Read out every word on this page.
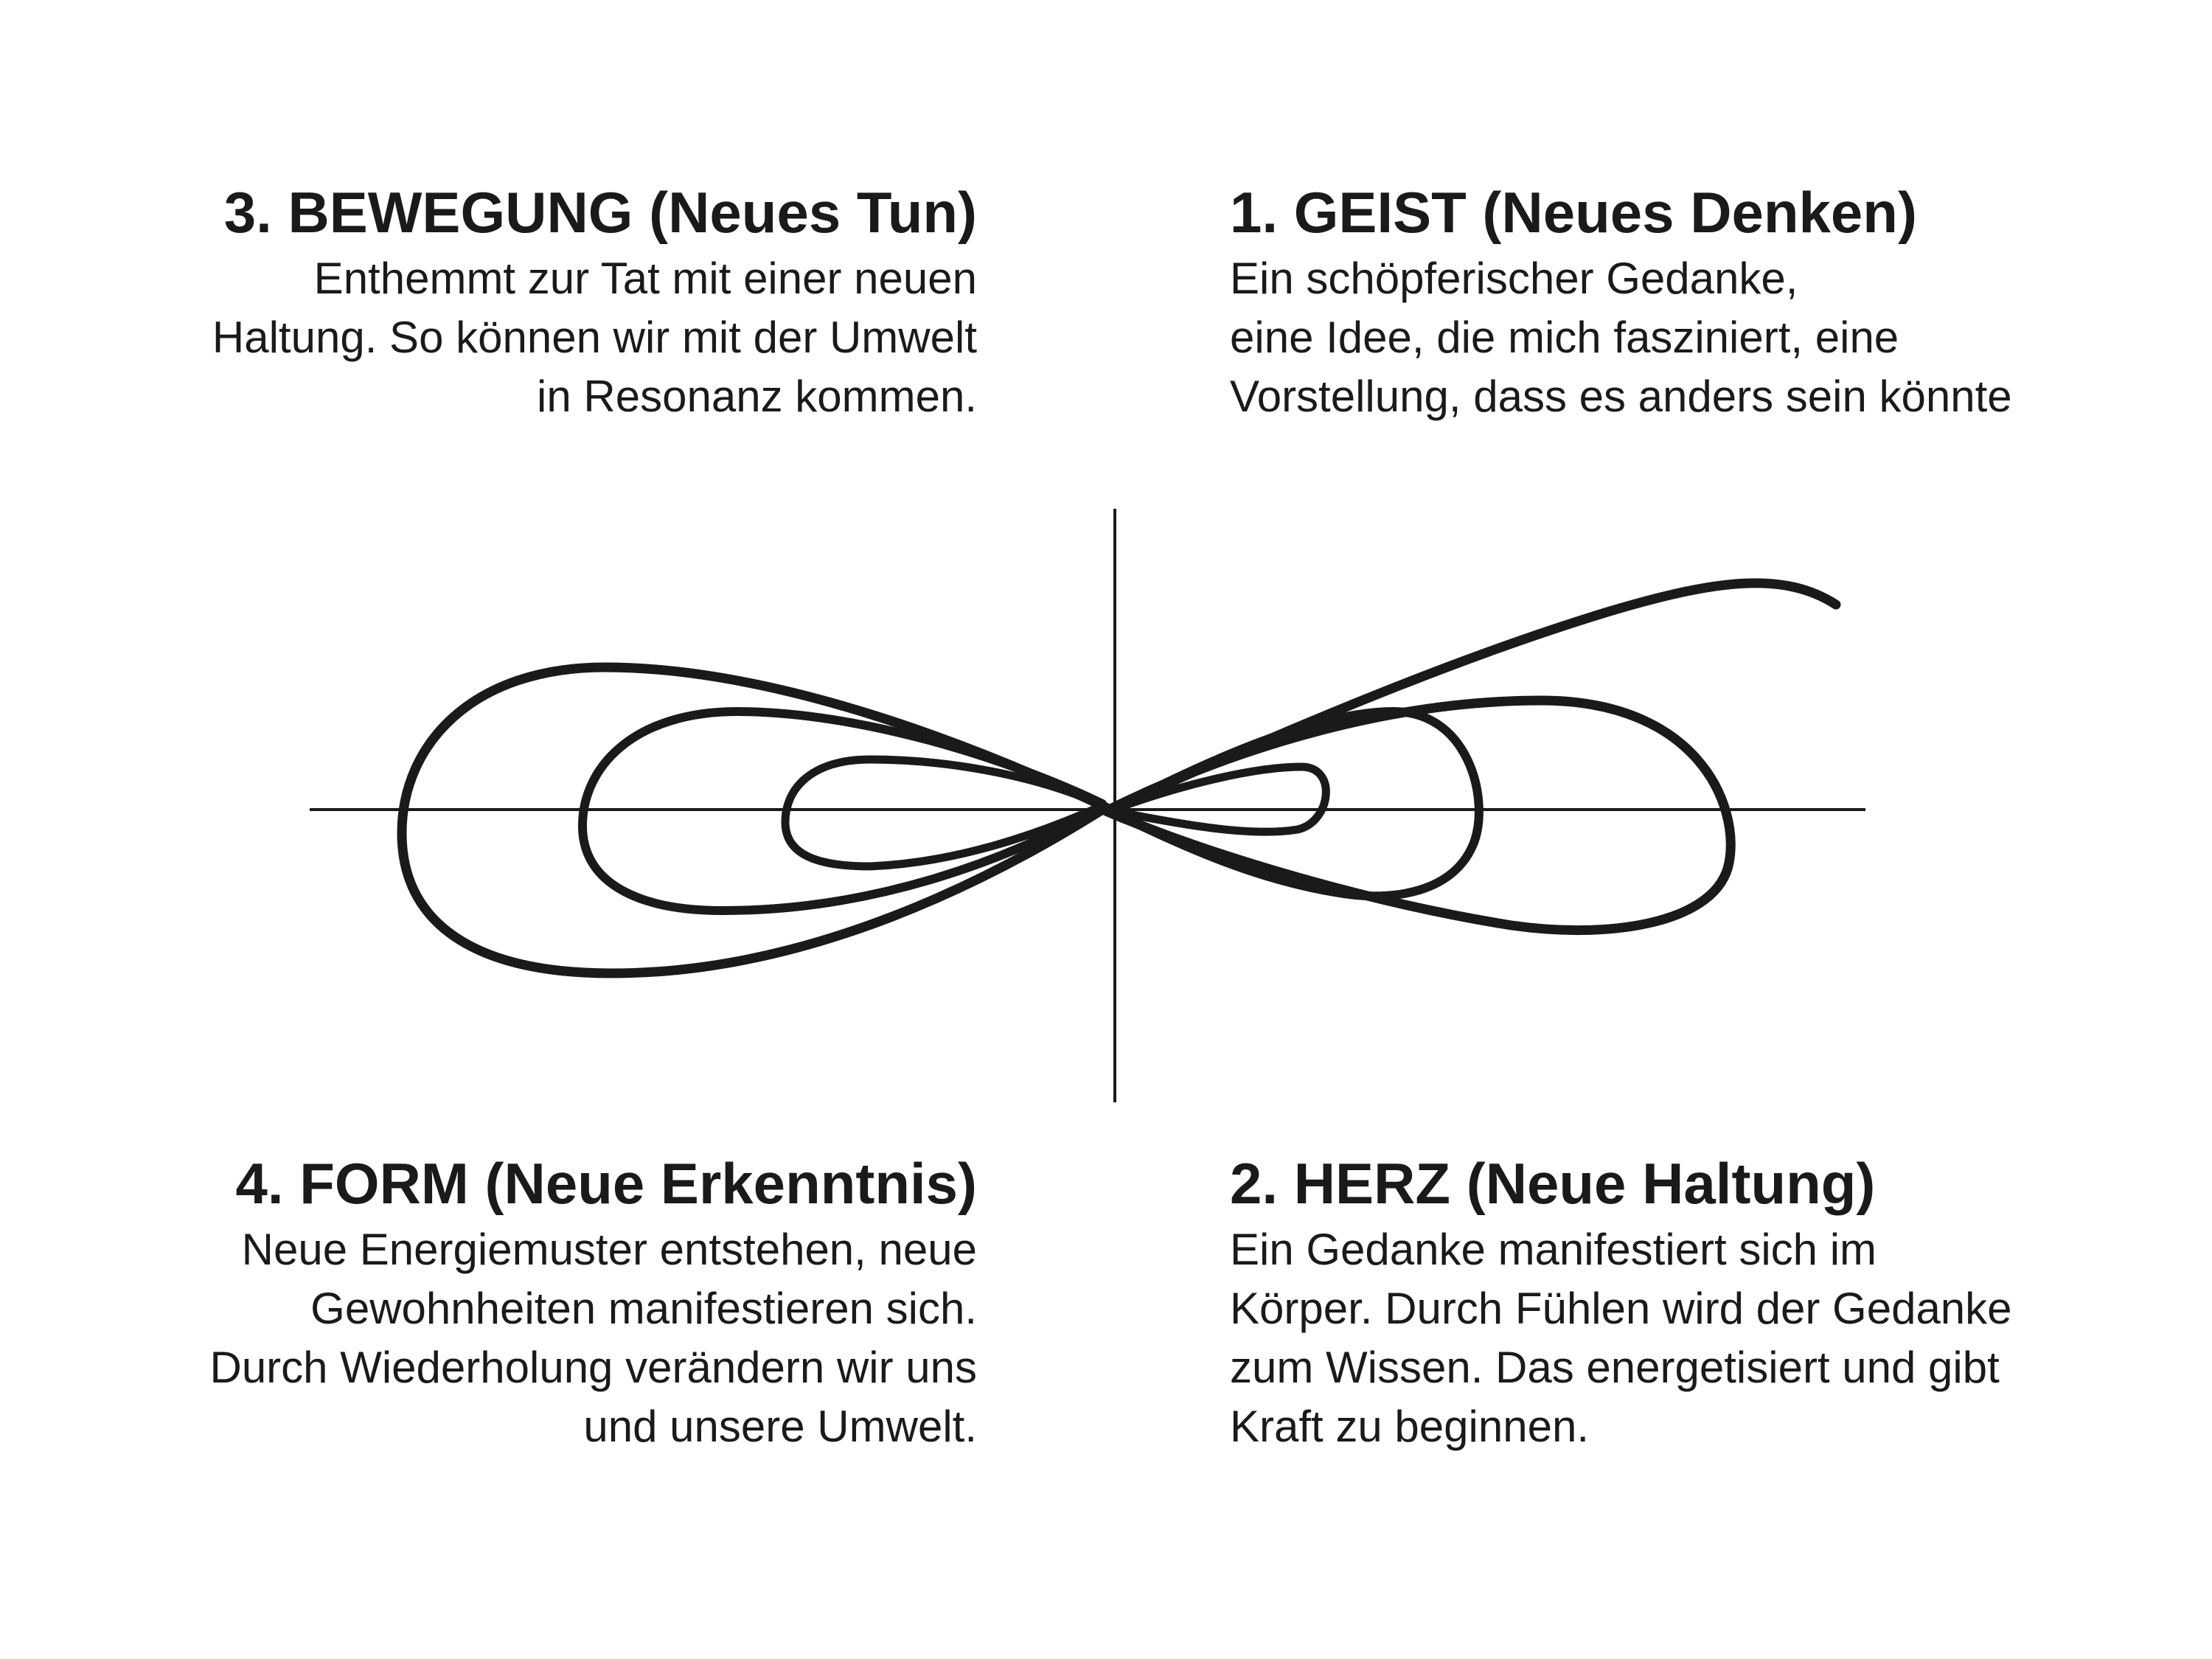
3. BEWEGUNG (Neues Tun)

Enthemmt zur Tat mit einer neuen

Haltung. So können wir mit der Umwelt

in Resonanz kommen.

1. GEIST (Neues Denken)

Ein schöpferischer Gedanke,

eine Idee, die mich fasziniert, eine

Vorstellung, dass es anders sein könnte

4. FORM (Neue Erkenntnis)

Neue Energiemuster entstehen, neue

Gewohnheiten manifestieren sich.

Durch Wiederholung verändern wir uns

und unsere Umwelt.

2. HERZ (Neue Haltung)

Ein Gedanke manifestiert sich im

Körper. Durch Fühlen wird der Gedanke

zum Wissen. Das energetisiert und gibt

Kraft zu beginnen.
